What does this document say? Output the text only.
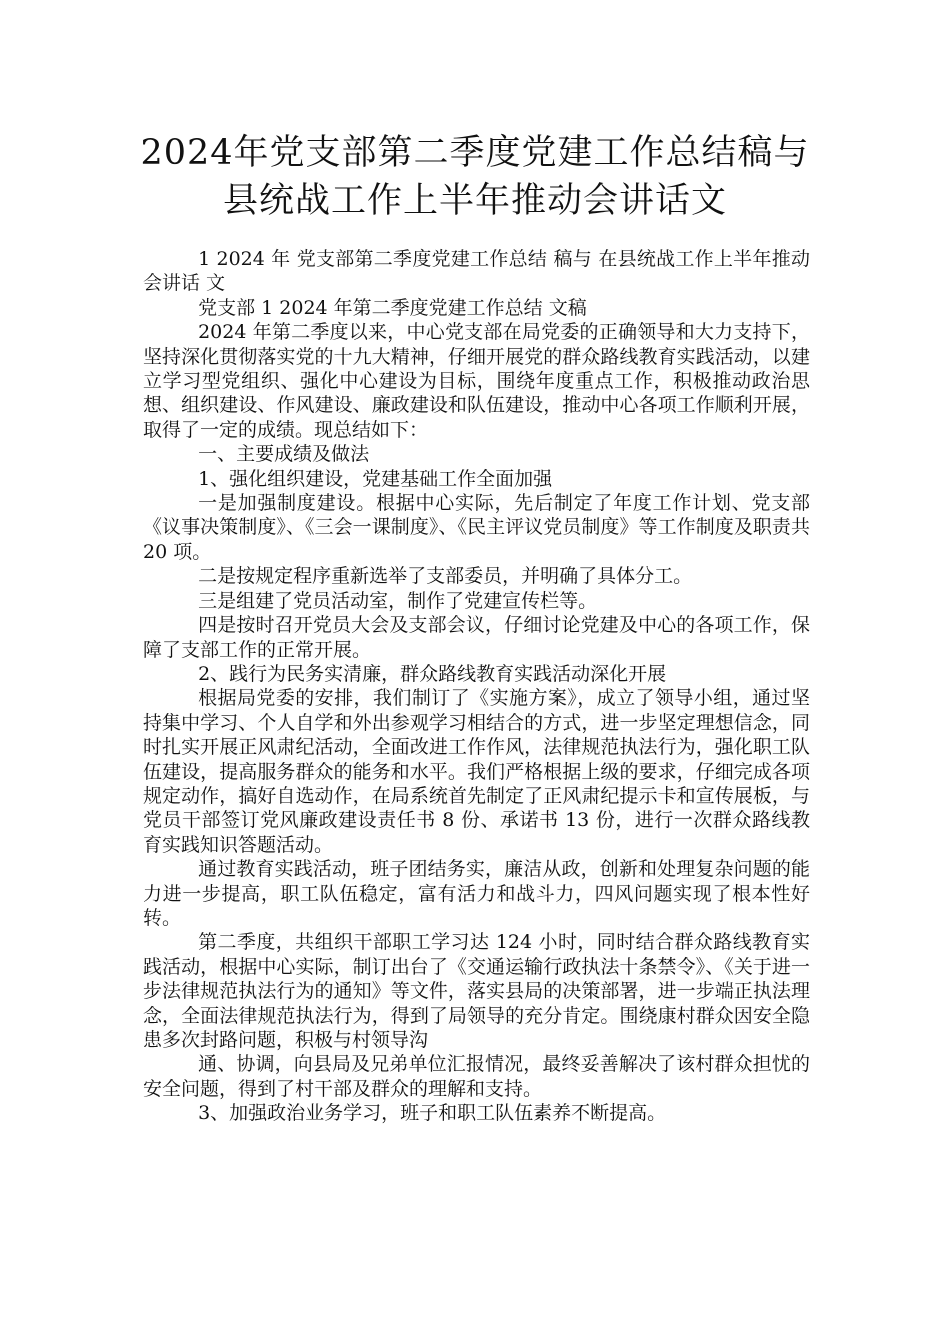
2024年党支部第二季度党建工作总结稿与
县统战工作上半年推动会讲话文

1 2024 年 党支部第二季度党建工作总结 稿与 在县统战工作上半年推动会讲话 文

党支部 1 2024 年第二季度党建工作总结 文稿

2024 年第二季度以来，中心党支部在局党委的正确领导和大力支持下，坚持深化贯彻落实党的十九大精神，仔细开展党的群众路线教育实践活动，以建立学习型党组织、强化中心建设为目标，围绕年度重点工作，积极推动政治思想、组织建设、作风建设、廉政建设和队伍建设，推动中心各项工作顺利开展，取得了一定的成绩。现总结如下：

一、主要成绩及做法

1、强化组织建设，党建基础工作全面加强

一是加强制度建设。根据中心实际，先后制定了年度工作计划、党支部《议事决策制度》、《三会一课制度》、《民主评议党员制度》等工作制度及职责共 20 项。

二是按规定程序重新选举了支部委员，并明确了具体分工。

三是组建了党员活动室，制作了党建宣传栏等。

四是按时召开党员大会及支部会议，仔细讨论党建及中心的各项工作，保障了支部工作的正常开展。

2、践行为民务实清廉，群众路线教育实践活动深化开展

根据局党委的安排，我们制订了《实施方案》，成立了领导小组，通过坚持集中学习、个人自学和外出参观学习相结合的方式，进一步坚定理想信念，同时扎实开展正风肃纪活动，全面改进工作作风，法律规范执法行为，强化职工队伍建设，提高服务群众的能务和水平。我们严格根据上级的要求，仔细完成各项规定动作，搞好自选动作，在局系统首先制定了正风肃纪提示卡和宣传展板，与党员干部签订党风廉政建设责任书 8 份、承诺书 13 份，进行一次群众路线教育实践知识答题活动。

通过教育实践活动，班子团结务实，廉洁从政，创新和处理复杂问题的能力进一步提高，职工队伍稳定，富有活力和战斗力，四风问题实现了根本性好转。

第二季度，共组织干部职工学习达 124 小时，同时结合群众路线教育实践活动，根据中心实际，制订出台了《交通运输行政执法十条禁令》、《关于进一步法律规范执法行为的通知》等文件，落实县局的决策部署，进一步端正执法理念，全面法律规范执法行为，得到了局领导的充分肯定。围绕康村群众因安全隐患多次封路问题，积极与村领导沟

通、协调，向县局及兄弟单位汇报情况，最终妥善解决了该村群众担忧的安全问题，得到了村干部及群众的理解和支持。

3、加强政治业务学习，班子和职工队伍素养不断提高。
